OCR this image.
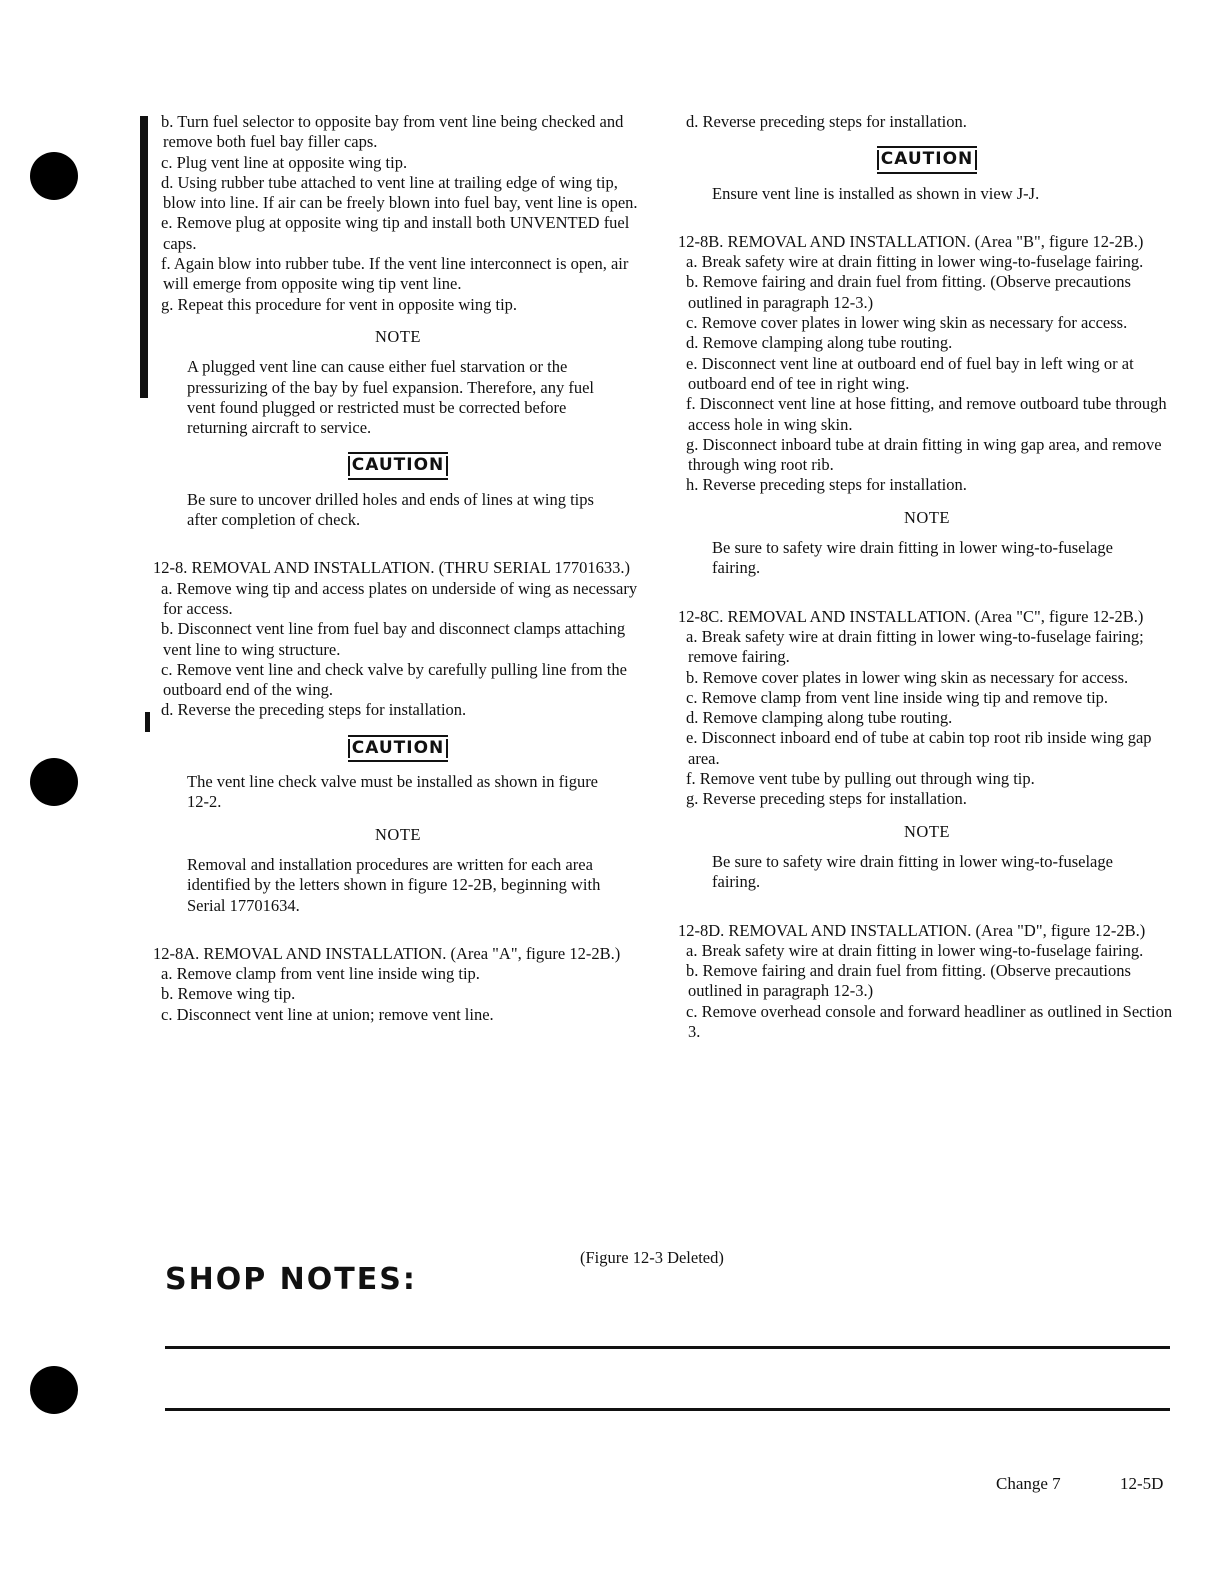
b. Turn fuel selector to opposite bay from vent line being checked and remove both fuel bay filler caps.

c. Plug vent line at opposite wing tip.

d. Using rubber tube attached to vent line at trailing edge of wing tip, blow into line. If air can be freely blown into fuel bay, vent line is open.

e. Remove plug at opposite wing tip and install both UNVENTED fuel caps.

f. Again blow into rubber tube. If the vent line interconnect is open, air will emerge from opposite wing tip vent line.

g. Repeat this procedure for vent in opposite wing tip.

NOTE

A plugged vent line can cause either fuel starvation or the pressurizing of the bay by fuel expansion. Therefore, any fuel vent found plugged or restricted must be corrected before returning aircraft to service.

CAUTION

Be sure to uncover drilled holes and ends of lines at wing tips after completion of check.

12-8. REMOVAL AND INSTALLATION. (THRU SERIAL 17701633.)

a. Remove wing tip and access plates on underside of wing as necessary for access.

b. Disconnect vent line from fuel bay and disconnect clamps attaching vent line to wing structure.

c. Remove vent line and check valve by carefully pulling line from the outboard end of the wing.

d. Reverse the preceding steps for installation.

CAUTION

The vent line check valve must be installed as shown in figure 12-2.

NOTE

Removal and installation procedures are written for each area identified by the letters shown in figure 12-2B, beginning with Serial 17701634.

12-8A. REMOVAL AND INSTALLATION. (Area "A", figure 12-2B.)

a. Remove clamp from vent line inside wing tip.

b. Remove wing tip.

c. Disconnect vent line at union; remove vent line.

d. Reverse preceding steps for installation.

CAUTION

Ensure vent line is installed as shown in view J-J.

12-8B. REMOVAL AND INSTALLATION. (Area "B", figure 12-2B.)

a. Break safety wire at drain fitting in lower wing-to-fuselage fairing.

b. Remove fairing and drain fuel from fitting. (Observe precautions outlined in paragraph 12-3.)

c. Remove cover plates in lower wing skin as necessary for access.

d. Remove clamping along tube routing.

e. Disconnect vent line at outboard end of fuel bay in left wing or at outboard end of tee in right wing.

f. Disconnect vent line at hose fitting, and remove outboard tube through access hole in wing skin.

g. Disconnect inboard tube at drain fitting in wing gap area, and remove through wing root rib.

h. Reverse preceding steps for installation.

NOTE

Be sure to safety wire drain fitting in lower wing-to-fuselage fairing.

12-8C. REMOVAL AND INSTALLATION. (Area "C", figure 12-2B.)

a. Break safety wire at drain fitting in lower wing-to-fuselage fairing; remove fairing.

b. Remove cover plates in lower wing skin as necessary for access.

c. Remove clamp from vent line inside wing tip and remove tip.

d. Remove clamping along tube routing.

e. Disconnect inboard end of tube at cabin top root rib inside wing gap area.

f. Remove vent tube by pulling out through wing tip.

g. Reverse preceding steps for installation.

NOTE

Be sure to safety wire drain fitting in lower wing-to-fuselage fairing.

12-8D. REMOVAL AND INSTALLATION. (Area "D", figure 12-2B.)

a. Break safety wire at drain fitting in lower wing-to-fuselage fairing.

b. Remove fairing and drain fuel from fitting. (Observe precautions outlined in paragraph 12-3.)

c. Remove overhead console and forward headliner as outlined in Section 3.

(Figure 12-3 Deleted)
SHOP NOTES:
Change 7	12-5D
